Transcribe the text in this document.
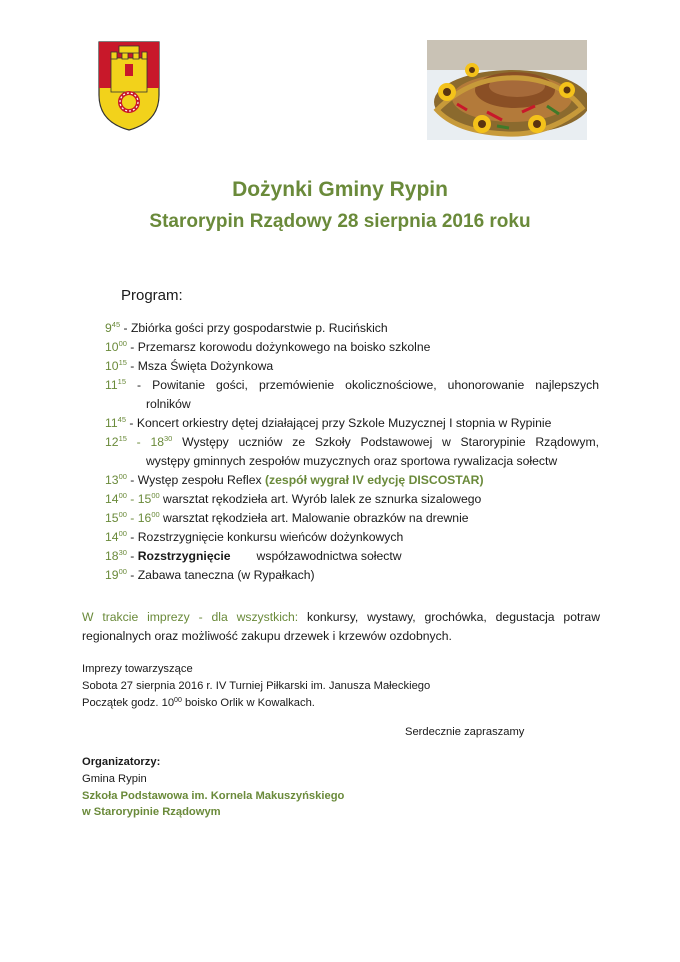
Dożynki Gminy Rypin
Starorypin Rządowy 28 sierpnia 2016 roku
Program:
$9^{45}$ - Zbiórka gości przy gospodarstwie p. Rucińskich
$10^{00}$ - Przemarsz korowodu dożynkowego na boisko szkolne
$10^{15}$ - Msza Święta Dożynkowa
$11^{15}$ - Powitanie gości, przemówienie okolicznościowe, uhonorowanie najlepszych
rolników
$11^{45}$ - Koncert orkiestry dętej działającej przy Szkole Muzycznej I stopnia w Rypinie
$12^{15} - 18^{30}$ Występy uczniów ze Szkoły Podstawowej w Starorypinie Rządowym,
występy gminnych zespołów muzycznych oraz sportowa rywalizacja sołectw
$13^{00}$ - Występ zespołu Reflex (zespół wygrał IV edycję DISCOSTAR)
$14^{00} - 15^{00}$ warsztat rękodzieła art. Wyrób lalek ze sznurka sizalowego
$15^{00} - 16^{00}$ warsztat rękodzieła art. Malowanie obrazków na drewnie
$14^{00}$ - Rozstrzygnięcie konkursu wieńców dożynkowych
$18^{30}$ - Rozstrzygnięcie współzawodnictwa sołectw
$19^{00}$ - Zabawa taneczna (w Rypałkach)
W trakcie imprezy - dla wszystkich: konkursy, wystawy, grochówka, degustacja potraw
regionalnych oraz możliwość zakupu drzewek i krzewów ozdobnych.
Imprezy towarzyszące
Sobota 27 sierpnia 2016 r. IV Turniej Piłkarski im. Janusza Małeckiego
Początek godz. $10^{00}$ boisko Orlik w Kowalkach.
Serdecznie zapraszamy
Organizatorzy:
Gmina Rypin
Szkoła Podstawowa im. Kornela Makuszyńskiego
w Starorypinie Rządowym
